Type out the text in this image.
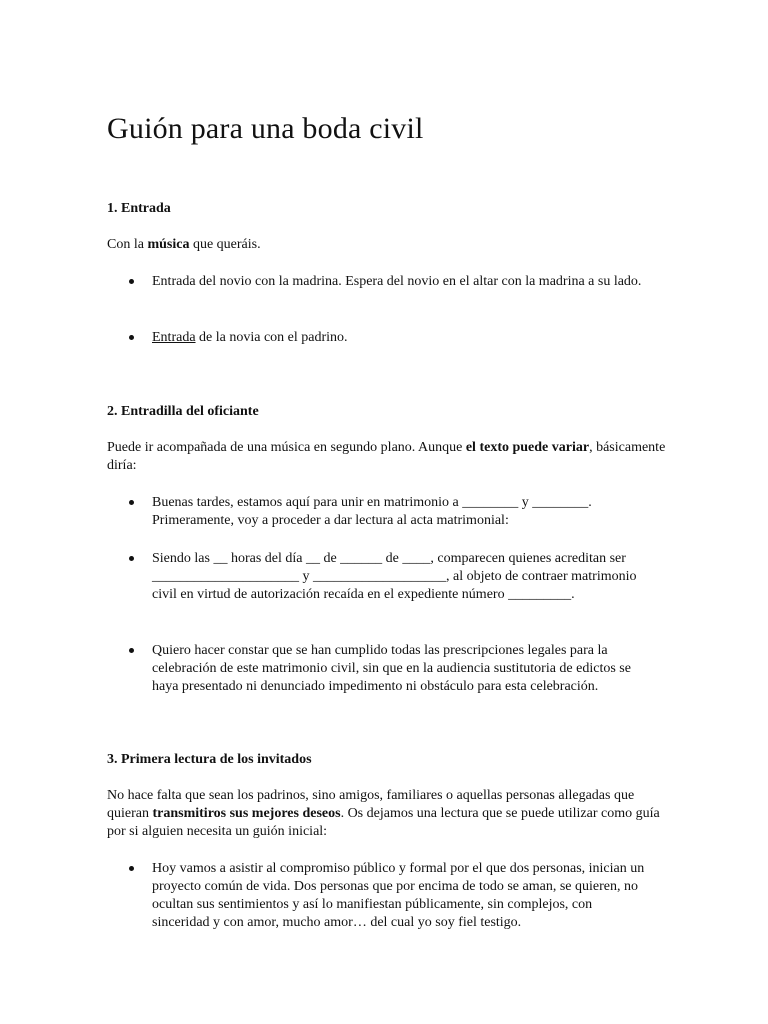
Guión para una boda civil

1. Entrada

Con la música que queráis.

Entrada del novio con la madrina. Espera del novio en el altar con la madrina a su lado.
Entrada de la novia con el padrino.

2. Entradilla del oficiante

Puede ir acompañada de una música en segundo plano. Aunque el texto puede variar, básicamente diría:

Buenas tardes, estamos aquí para unir en matrimonio a ________ y ________. Primeramente, voy a proceder a dar lectura al acta matrimonial:
Siendo las __ horas del día __ de ______ de ____, comparecen quienes acreditan ser _____________________ y ___________________, al objeto de contraer matrimonio civil en virtud de autorización recaída en el expediente número _________.
Quiero hacer constar que se han cumplido todas las prescripciones legales para la celebración de este matrimonio civil, sin que en la audiencia sustitutoria de edictos se haya presentado ni denunciado impedimento ni obstáculo para esta celebración.

3. Primera lectura de los invitados

No hace falta que sean los padrinos, sino amigos, familiares o aquellas personas allegadas que quieran transmitiros sus mejores deseos. Os dejamos una lectura que se puede utilizar como guía por si alguien necesita un guión inicial:

Hoy vamos a asistir al compromiso público y formal por el que dos personas, inician un proyecto común de vida. Dos personas que por encima de todo se aman, se quieren, no ocultan sus sentimientos y así lo manifiestan públicamente, sin complejos, con sinceridad y con amor, mucho amor… del cual yo soy fiel testigo.
